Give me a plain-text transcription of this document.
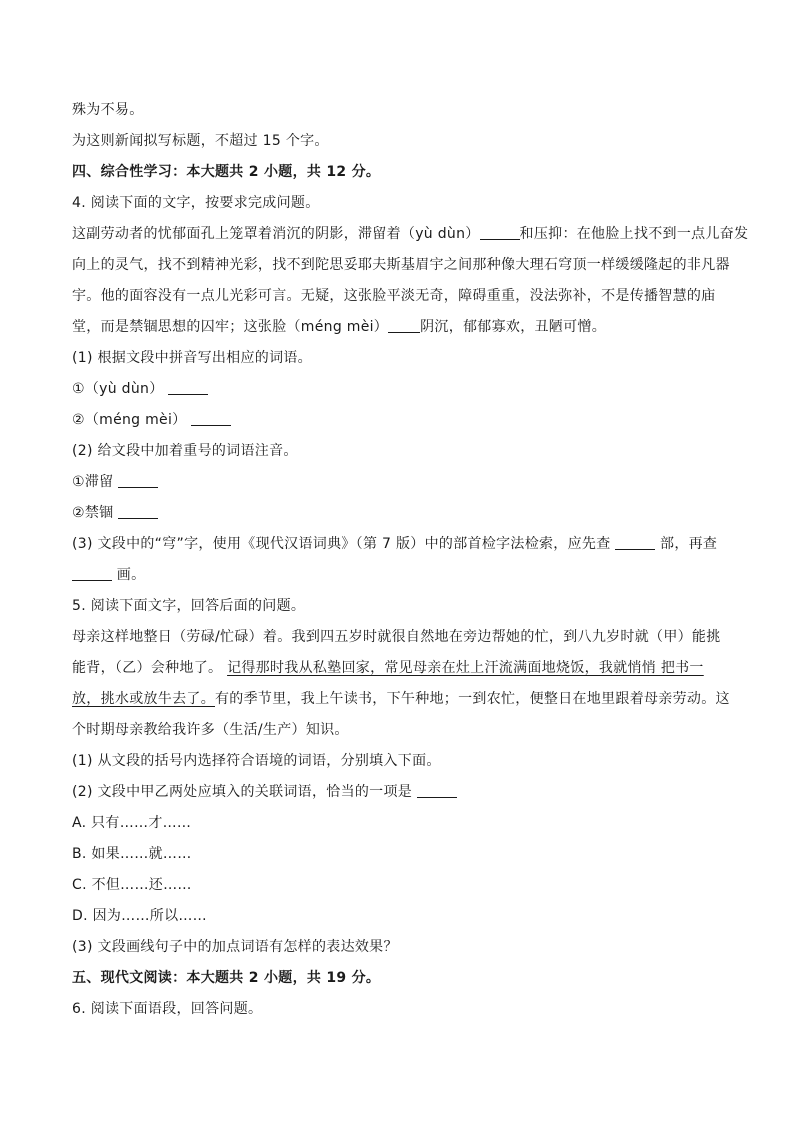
殊为不易。
为这则新闻拟写标题，不超过 15 个字。
四、综合性学习：本大题共 2 小题，共 12 分。
4. 阅读下面的文字，按要求完成问题。
这副劳动者的忧郁面孔上笼罩着消沉的阴影，滞留着（yù dùn）	和压抑：在他脸上找不到一点儿奋发
向上的灵气，找不到精神光彩，找不到陀思妥耶夫斯基眉宇之间那种像大理石穹顶一样缓缓隆起的非凡器
宇。他的面容没有一点儿光彩可言。无疑，这张脸平淡无奇，障碍重重，没法弥补，不是传播智慧的庙
堂，而是禁锢思想的囚牢；这张脸（méng mèi） 阴沉，郁郁寡欢，丑陋可憎。
(1) 根据文段中拼音写出相应的词语。
①（yù dùn）
②（méng mèi）
(2) 给文段中加着重号的词语注音。
①滞留
②禁锢
(3) 文段中的“穹”字，使用《现代汉语词典》（第 7 版）中的部首检字法检索，应先查	部，再查
画。
5. 阅读下面文字，回答后面的问题。
母亲这样地整日（劳碌/忙碌）着。我到四五岁时就很自然地在旁边帮她的忙，到八九岁时就（甲）能挑
能背，（乙）会种地了。 记得那时我从私塾回家，常见母亲在灶上汗流满面地烧饭，我就悄悄 把书一
放，挑水或放牛去了。有的季节里，我上午读书，下午种地；一到农忙，便整日在地里跟着母亲劳动。这
个时期母亲教给我许多（生活/生产）知识。
(1) 从文段的括号内选择符合语境的词语，分别填入下面。
(2) 文段中甲乙两处应填入的关联词语，恰当的一项是
A. 只有……才……
B. 如果……就……
C. 不但……还……
D. 因为……所以……
(3) 文段画线句子中的加点词语有怎样的表达效果？
五、现代文阅读：本大题共 2 小题，共 19 分。
6. 阅读下面语段，回答问题。
